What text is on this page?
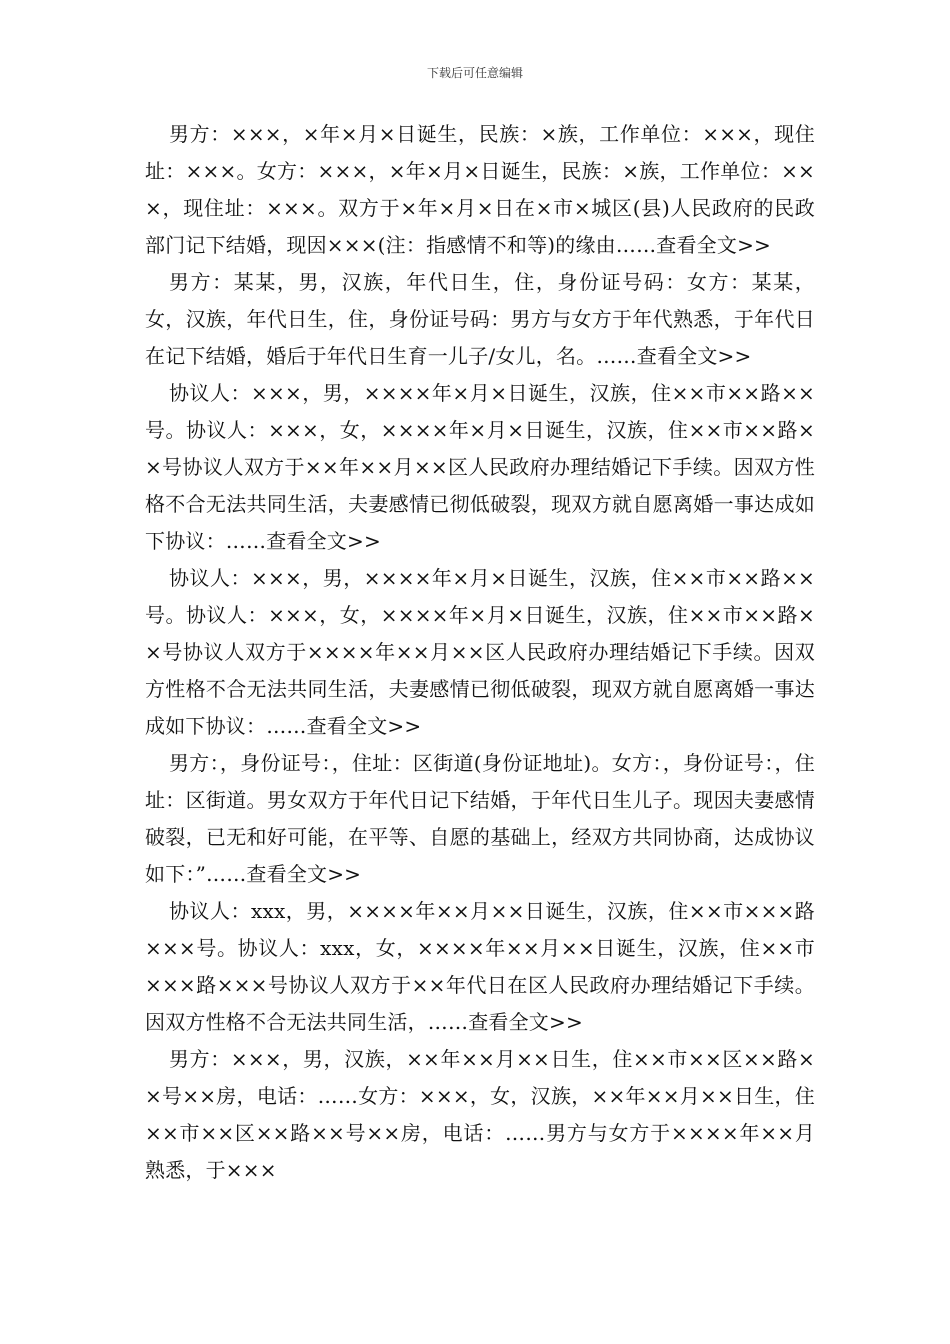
下载后可任意编辑

男方：×××，×年×月×日诞生，民族：×族，工作单位：×××，现住址：×××。女方：×××，×年×月×日诞生，民族：×族，工作单位：×××，现住址：×××。双方于×年×月×日在×市×城区(县)人民政府的民政部门记下结婚，现因×××(注：指感情不和等)的缘由……查看全文>>

男方：某某，男，汉族，年代日生，住，身份证号码：女方：某某，女，汉族，年代日生，住，身份证号码：男方与女方于年代熟悉，于年代日在记下结婚，婚后于年代日生育一儿子/女儿，名。……查看全文>>

协议人：×××，男，××××年×月×日诞生，汉族，住××市××路××号。协议人：×××，女，××××年×月×日诞生，汉族，住××市××路××号协议人双方于××年××月××区人民政府办理结婚记下手续。因双方性格不合无法共同生活，夫妻感情已彻低破裂，现双方就自愿离婚一事达成如下协议：……查看全文>>

协议人：×××，男，××××年×月×日诞生，汉族，住××市××路××号。协议人：×××，女，××××年×月×日诞生，汉族，住××市××路××号协议人双方于××××年××月××区人民政府办理结婚记下手续。因双方性格不合无法共同生活，夫妻感情已彻低破裂，现双方就自愿离婚一事达成如下协议：……查看全文>>

男方：，身份证号：，住址：区街道(身份证地址)。女方：，身份证号：，住址：区街道。男女双方于年代日记下结婚，于年代日生儿子。现因夫妻感情破裂，已无和好可能，在平等、自愿的基础上，经双方共同协商，达成协议如下：”……查看全文>>

协议人：xxx，男，××××年××月××日诞生，汉族，住××市×××路×××号。协议人：xxx，女，××××年××月××日诞生，汉族，住××市×××路×××号协议人双方于××年代日在区人民政府办理结婚记下手续。因双方性格不合无法共同生活，……查看全文>>

男方：×××，男，汉族，××年××月××日生，住××市××区××路××号××房，电话：……女方：×××，女，汉族，××年××月××日生，住××市××区××路××号××房，电话：……男方与女方于××××年××月熟悉，于×××
